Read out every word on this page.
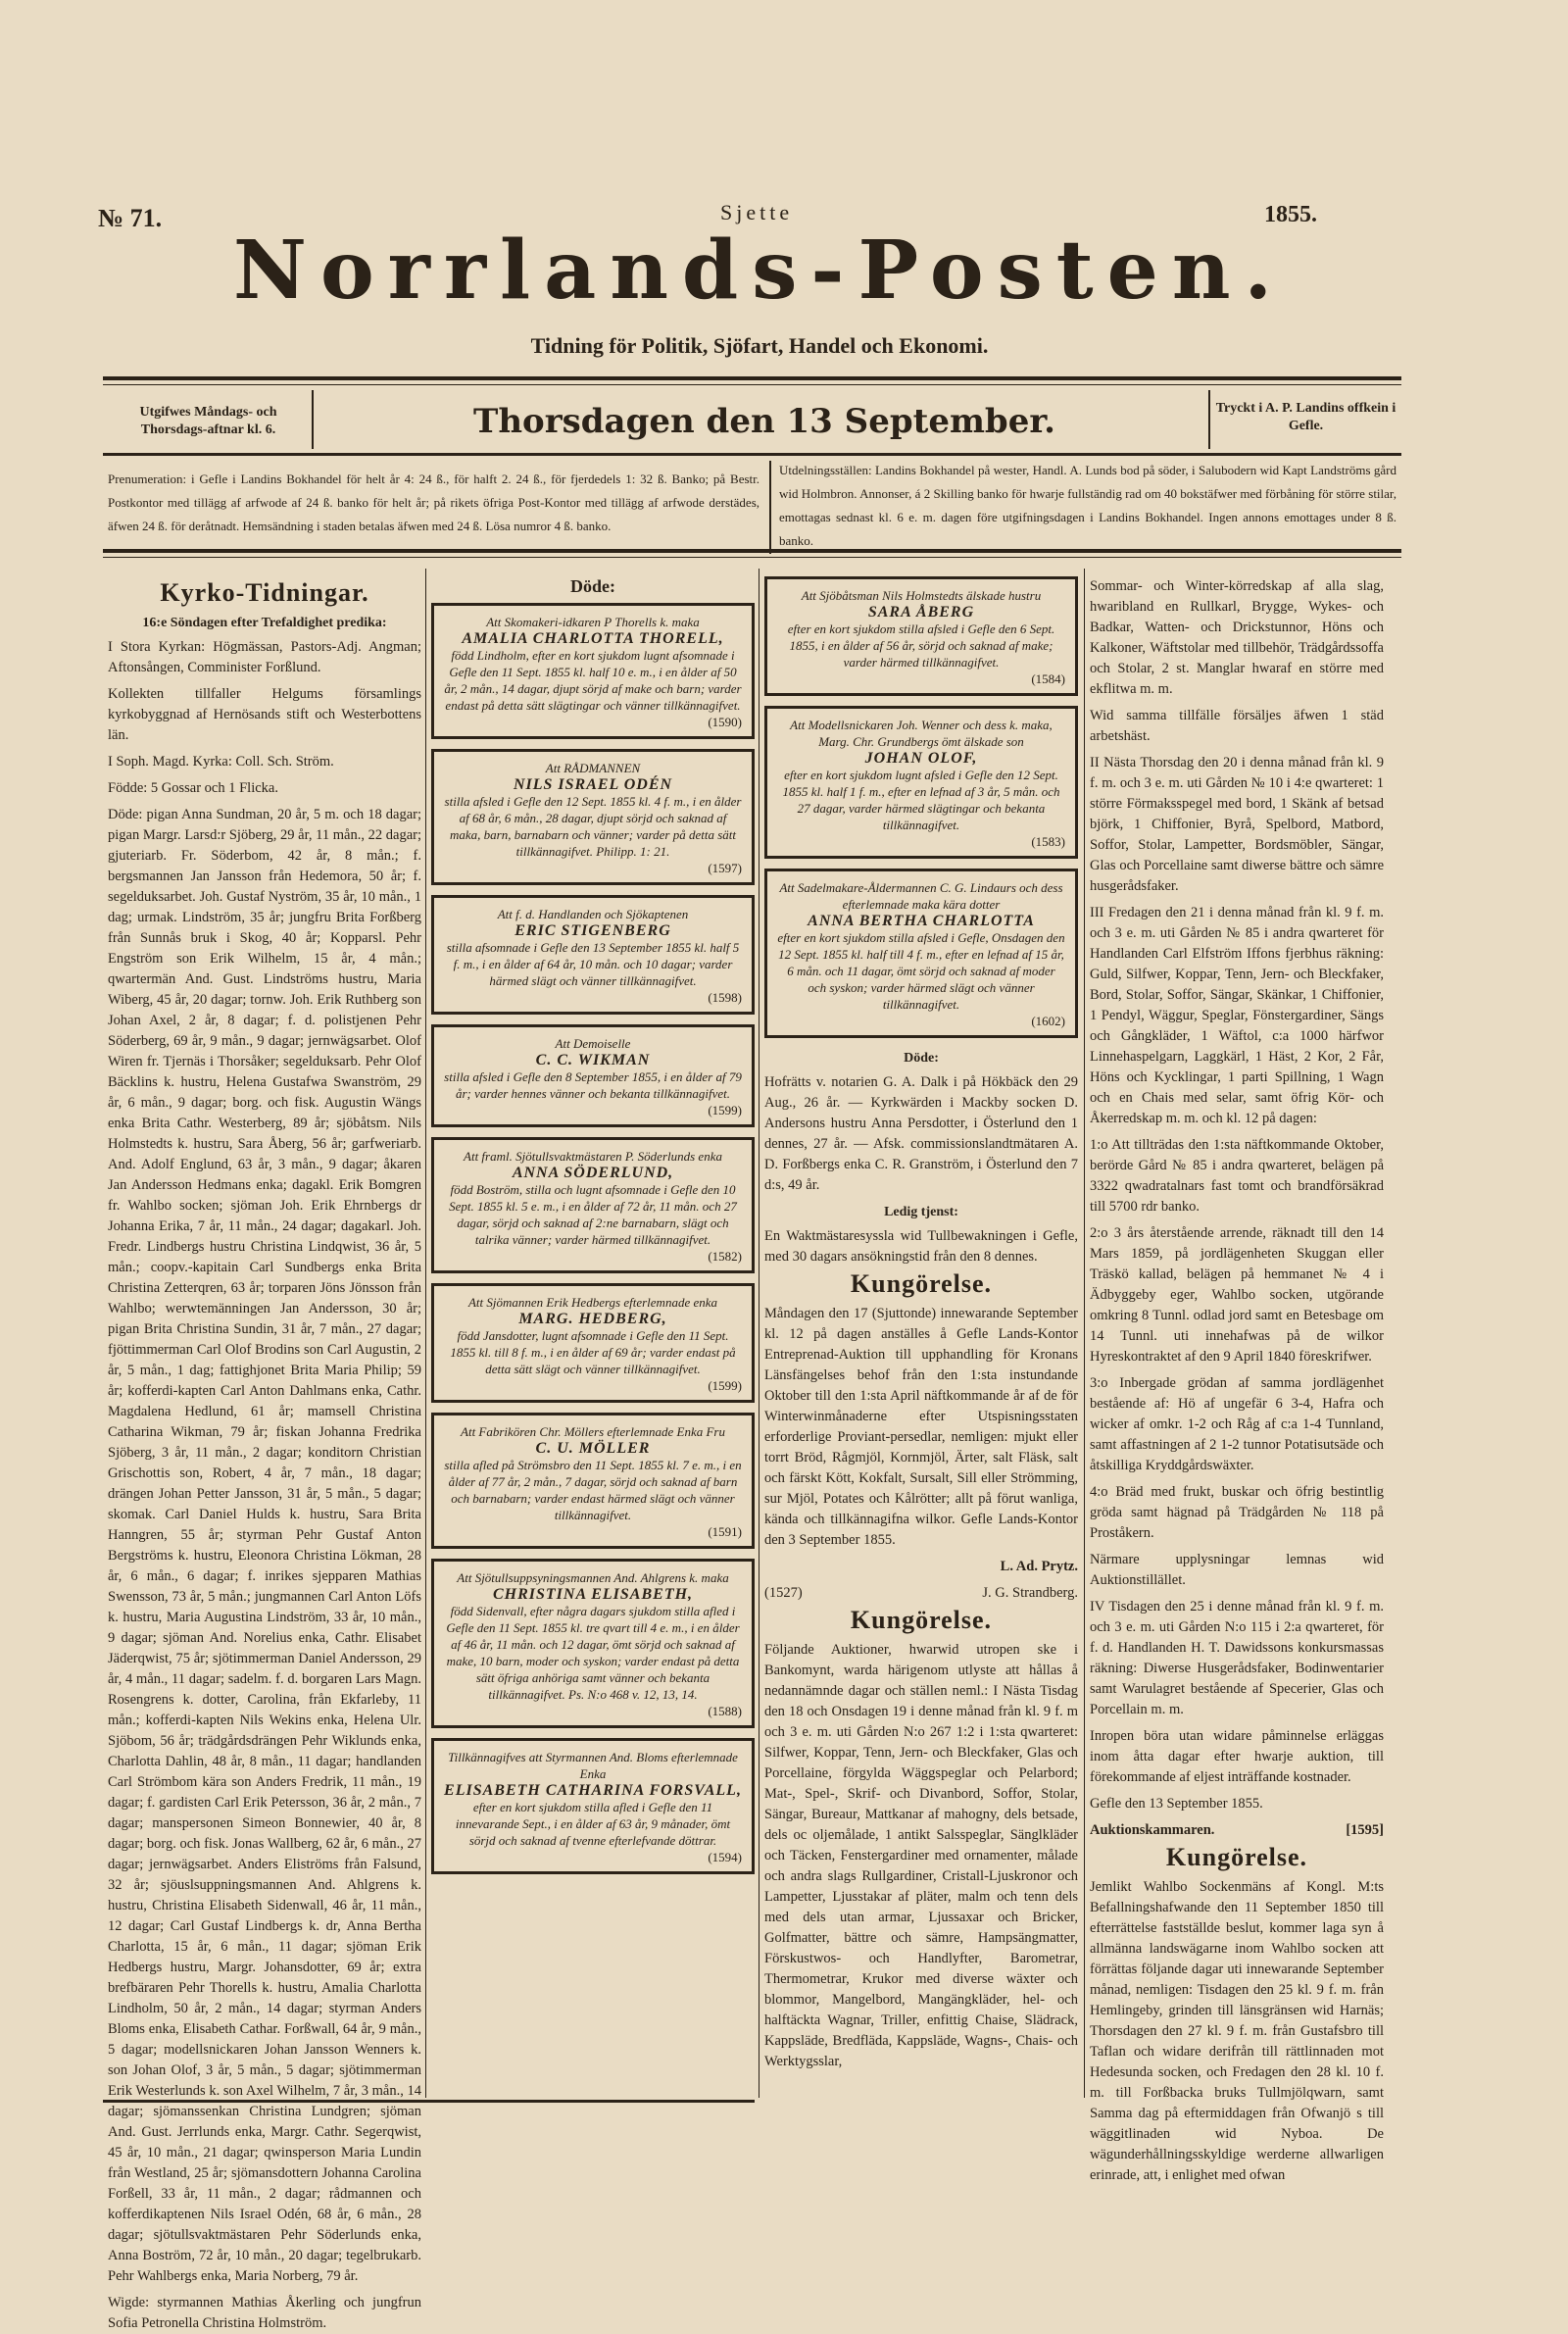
№ 71.	Sjette	1855.
Norrlands-Posten.
Tidning för Politik, Sjöfart, Handel och Ekonomi.
Utgifwes Måndags- och Thorsdags-aftnar kl. 6.	Thorsdagen den 13 September.	Tryckt i A. P. Landins offkein i Gefle.
Prenumeration: i Gefle i Landins Bokhandel för helt år 4: 24 ß., för halft 2. 24 ß., för fjerdedels 1: 32 ß. Banko; på Bestr. Postkontor med tillägg af arfwode af 24 ß. banko för helt år; på rikets öfriga Post-Kontor med tillägg af arfwode derstädes, äfwen 24 ß. för deråtnadt. Hemsändning i staden betalas äfwen med 24 ß. Lösa numror 4 ß. banko.
Utdelningsställen: Landins Bokhandel på wester, Handl. A. Lunds bod på söder, i Salubodern wid Kapt Landströms gård wid Holmbron. Annonser, á 2 Skilling banko för hwarje fullständig rad om 40 bokstäfwer med förbåning för större stilar, emottagas sednast kl. 6 e. m. dagen före utgifningsdagen i Landins Bokhandel. Ingen annons emottages under 8 ß. banko.
Kyrko-Tidningar.
16:e Söndagen efter Trefaldighet predika:

I Stora Kyrkan: Högmässan, Pastors-Adj. Angman; Aftonsången, Comminister Forßlund.

Kollekten tillfaller Helgums församlings kyrkobyggnad af Hernösands stift och Westerbottens län.

I Soph. Magd. Kyrka: Coll. Sch. Ström.

Födde: 5 Gossar och 1 Flicka.

Döde: pigan Anna Sundman, 20 år, 5 m. och 18 dagar; pigan Margr. Larsd:r Sjöberg, 29 år, 11 mån., 22 dagar; gjuteriarb. Fr. Söderbom, 42 år, 8 mån.; f. bergsmannen Jan Jansson från Hedemora, 50 år; f. segelduksarbet. Joh. Gustaf Nyström, 35 år, 10 mån., 1 dag; urmak. Lindström, 35 år; jungfru Brita Forßberg från Sunnås bruk i Skog, 40 år; Kopparsl. Pehr Engström son Erik Wilhelm, 15 år, 4 mån.; qwartermän And. Gust. Lindströms hustru, Maria Wiberg, 45 år, 20 dagar; tornw. Joh. Erik Ruthberg son Johan Axel, 2 år, 8 dagar; f. d. polistjenen Pehr Söderberg, 69 år, 9 mån., 9 dagar; jernwägsarbet. Olof Wiren fr. Tjernäs i Thorsåker; segelduksarb. Pehr Olof Bäcklins k. hustru, Helena Gustafwa Swanström, 29 år, 6 mån., 9 dagar; borg. och fisk. Augustin Wängs enka Brita Cathr. Westerberg, 89 år; sjöbåtsm. Nils Holmstedts k. hustru, Sara Åberg, 56 år; garfweriarb. And. Adolf Englund, 63 år, 3 mån., 9 dagar; åkaren Jan Andersson Hedmans enka; dagakl. Erik Bomgren fr. Wahlbo socken; sjöman Joh. Erik Ehrnbergs dr Johanna Erika, 7 år, 11 mån., 24 dagar; dagakarl. Joh. Fredr. Lindbergs hustru Christina Lindqwist, 36 år, 5 mån.; coopv.-kapitain Carl Sundbergs enka Brita Christina Zetterqren, 63 år; torparen Jöns Jönsson från Wahlbo; werwtemänningen Jan Andersson, 30 år; pigan Brita Christina Sundin, 31 år, 7 mån., 27 dagar; fjöttimmerman Carl Olof Brodins son Carl Augustin, 2 år, 5 mån., 1 dag; fattighjonet Brita Maria Philip; 59 år; kofferdi-kapten Carl Anton Dahlmans enka, Cathr. Magdalena Hedlund, 61 år; mamsell Christina Catharina Wikman, 79 år; fiskan Johanna Fredrika Sjöberg, 3 år, 11 mån., 2 dagar; konditorn Christian Grischottis son, Robert, 4 år, 7 mån., 18 dagar; drängen Johan Petter Jansson, 31 år, 5 mån., 5 dagar; skomak. Carl Daniel Hulds k. hustru, Sara Brita Hanngren, 55 år; styrman Pehr Gustaf Anton Bergströms k. hustru, Eleonora Christina Lökman, 28 år, 6 mån., 6 dagar; f. inrikes sjepparen Mathias Swensson, 73 år, 5 mån.; jungmannen Carl Anton Löfs k. hustru, Maria Augustina Lindström, 33 år, 10 mån., 9 dagar; sjöman And. Norelius enka, Cathr. Elisabet Jäderqwist, 75 år; sjötimmerman Daniel Andersson, 29 år, 4 mån., 11 dagar; sadelm. f. d. borgaren Lars Magn. Rosengrens k. dotter, Carolina, från Ekfarleby, 11 mån.; kofferdi-kapten Nils Wekins enka, Helena Ulr. Sjöbom, 56 år; trädgårdsdrängen Pehr Wiklunds enka, Charlotta Dahlin, 48 år, 8 mån., 11 dagar; handlanden Carl Strömbom kära son Anders Fredrik, 11 mån., 19 dagar; f. gardisten Carl Erik Petersson, 36 år, 2 mån., 7 dagar; manspersonen Simeon Bonnewier, 40 år, 8 dagar; borg. och fisk. Jonas Wallberg, 62 år, 6 mån., 27 dagar; jernwägsarbet. Anders Eliströms från Falsund, 32 år; sjöuslsuppningsmannen And. Ahlgrens k. hustru, Christina Elisabeth Sidenwall, 46 år, 11 mån., 12 dagar; Carl Gustaf Lindbergs k. dr, Anna Bertha Charlotta, 15 år, 6 mån., 11 dagar; sjöman Erik Hedbergs hustru, Margr. Johansdotter, 69 år; extra brefbäraren Pehr Thorells k. hustru, Amalia Charlotta Lindholm, 50 år, 2 mån., 14 dagar; styrman Anders Bloms enka, Elisabeth Cathar. Forßwall, 64 år, 9 mån., 5 dagar; modellsnickaren Johan Jansson Wenners k. son Johan Olof, 3 år, 5 mån., 5 dagar; sjötimmerman Erik Westerlunds k. son Axel Wilhelm, 7 år, 3 mån., 14 dagar; sjömanssenkan Christina Lundgren; sjöman And. Gust. Jerrlunds enka, Margr. Cathr. Segerqwist, 45 år, 10 mån., 21 dagar; qwinsperson Maria Lundin från Westland, 25 år; sjömansdottern Johanna Carolina Forßell, 33 år, 11 mån., 2 dagar; rådmannen och kofferdikaptenen Nils Israel Odén, 68 år, 6 mån., 28 dagar; sjötullsvaktmästaren Pehr Söderlunds enka, Anna Boström, 72 år, 10 mån., 20 dagar; tegelbrukarb. Pehr Wahlbergs enka, Maria Norberg, 79 år.

Wigde: styrmannen Mathias Åkerling och jungfrun Sofia Petronella Christina Holmström.

Döde:
Att Skomakeri-idkaren P Thorells k. maka
AMALIA CHARLOTTA THORELL,
född Lindholm, efter en kort sjukdom lugnt afsomnade i Gefle den 11 Sept. 1855 kl. half 10 e. m., i en ålder af 50 år, 2 mån., 14 dagar, djupt sörjd af make och barn; varder endast på detta sätt slägtingar och vänner tillkännagifvet.
(1590)
Att RÅDMANNEN
NILS ISRAEL ODÉN
stilla afsled i Gefle den 12 Sept. 1855 kl. 4 f. m., i en ålder af 68 år, 6 mån., 28 dagar, djupt sörjd och saknad af maka, barn, barnabarn och vänner; varder på detta sätt tillkännagifvet. Philipp. 1: 21.
(1597)
Att f. d. Handlanden och Sjökaptenen
ERIC STIGENBERG
stilla afsomnade i Gefle den 13 September 1855 kl. half 5 f. m., i en ålder af 64 år, 10 mån. och 10 dagar; varder härmed slägt och vänner tillkännagifvet.
(1598)
Att Demoiselle
C. C. WIKMAN
stilla afsled i Gefle den 8 September 1855, i en ålder af 79 år; varder hennes vänner och bekanta tillkännagifvet.
(1599)
Att framl. Sjötullsvaktmästaren P. Söderlunds enka
ANNA SÖDERLUND,
född Boström, stilla och lugnt afsomnade i Gefle den 10 Sept. 1855 kl. 5 e. m., i en ålder af 72 år, 11 mån. och 27 dagar, sörjd och saknad af 2:ne barnabarn, slägt och talrika vänner; varder härmed tillkännagifvet.
(1582)
Att Sjömannen Erik Hedbergs efterlemnade enka
MARG. HEDBERG,
född Jansdotter, lugnt afsomnade i Gefle den 11 Sept. 1855 kl. till 8 f. m., i en ålder af 69 år; varder endast på detta sätt slägt och vänner tillkännagifvet.
(1599)
Att Fabrikören Chr. Möllers efterlemnade Enka Fru
C. U. MÖLLER
stilla afled på Strömsbro den 11 Sept. 1855 kl. 7 e. m., i en ålder af 77 år, 2 mån., 7 dagar, sörjd och saknad af barn och barnabarn; varder endast härmed slägt och vänner tillkännagifvet.
(1591)
Att Sjötullsuppsyningsmannen And. Ahlgrens k. maka
CHRISTINA ELISABETH,
född Sidenvall, efter några dagars sjukdom stilla afled i Gefle den 11 Sept. 1855 kl. tre qvart till 4 e. m., i en ålder af 46 år, 11 mån. och 12 dagar, ömt sörjd och saknad af make, 10 barn, moder och syskon; varder endast på detta sätt öfriga anhöriga samt vänner och bekanta tillkännagifvet. Ps. N:o 468 v. 12, 13, 14.
(1588)
Tillkännagifves att Styrmannen And. Bloms efterlemnade Enka
ELISABETH CATHARINA FORSVALL,
efter en kort sjukdom stilla afled i Gefle den 11 innevarande Sept., i en ålder af 63 år, 9 månader, ömt sörjd och saknad af tvenne efterlefvande döttrar.
(1594)
Att Sjöbåtsman Nils Holmstedts älskade hustru
SARA ÅBERG
efter en kort sjukdom stilla afsled i Gefle den 6 Sept. 1855, i en ålder af 56 år, sörjd och saknad af make; varder härmed tillkännagifvet.
(1584)
Att Modellsnickaren Joh. Wenner och dess k. maka, Marg. Chr. Grundbergs ömt älskade son
JOHAN OLOF,
efter en kort sjukdom lugnt afsled i Gefle den 12 Sept. 1855 kl. half 1 f. m., efter en lefnad af 3 år, 5 mån. och 27 dagar, varder härmed slägtingar och bekanta tillkännagifvet.
(1583)
Att Sadelmakare-Åldermannen C. G. Lindaurs och dess efterlemnade maka kära dotter
ANNA BERTHA CHARLOTTA
efter en kort sjukdom stilla afsled i Gefle, Onsdagen den 12 Sept. 1855 kl. half till 4 f. m., efter en lefnad af 15 år, 6 mån. och 11 dagar, ömt sörjd och saknad af moder och syskon; varder härmed slägt och vänner tillkännagifvet.
(1602)
Döde:

Hofrätts v. notarien G. A. Dalk i på Hökbäck den 29 Aug., 26 år. — Kyrkwärden i Mackby socken D. Andersons hustru Anna Persdotter, i Österlund den 1 dennes, 27 år. — Afsk. commissionslandtmätaren A. D. Forßbergs enka C. R. Granström, i Österlund den 7 d:s, 49 år.

Ledig tjenst:

En Waktmästaresyssla wid Tullbewakningen i Gefle, med 30 dagars ansökningstid från den 8 dennes.

Kungörelse.

Måndagen den 17 (Sjuttonde) innewarande September kl. 12 på dagen anställes å Gefle Lands-Kontor Entreprenad-Auktion till upphandling för Kronans Länsfängelses behof från den 1:sta instundande Oktober till den 1:sta April näftkommande år af de för Winterwinmånaderne efter Utspisningsstaten erforderlige Proviant-persedlar, nemligen: mjukt eller torrt Bröd, Rågmjöl, Kornmjöl, Ärter, salt Fläsk, salt och färskt Kött, Kokfalt, Sursalt, Sill eller Strömming, sur Mjöl, Potates och Kålrötter; allt på förut wanliga, kända och tillkännagifna wilkor. Gefle Lands-Kontor den 3 September 1855.

L. Ad. Prytz.

(1527)	J. G. Strandberg.

Kungörelse.

Följande Auktioner, hwarwid utropen ske i Bankomynt, warda härigenom utlyste att hållas å nedannämnde dagar och ställen neml.: I Nästa Tisdag den 18 och Onsdagen 19 i denne månad från kl. 9 f. m och 3 e. m. uti Gården N:o 267 1:2 i 1:sta qwarteret: Silfwer, Koppar, Tenn, Jern- och Bleckfaker, Glas och Porcellaine, förgylda Wäggspeglar och Pelarbord; Mat-, Spel-, Skrif- och Divanbord, Soffor, Stolar, Sängar, Bureaur, Mattkanar af mahogny, dels betsade, dels oc oljemålade, 1 antikt Salsspeglar, Sänglkläder och Täcken, Fenstergardiner med ornamenter, målade och andra slags Rullgardiner, Cristall-Ljuskronor och Lampetter, Ljusstakar af pläter, malm och tenn dels med dels utan armar, Ljussaxar och Bricker, Golfmatter, bättre och sämre, Hampsängmatter, Förskustwos- och Handlyfter, Barometrar, Thermometrar, Krukor med diverse wäxter och blommor, Mangelbord, Mangängkläder, hel- och halftäckta Wagnar, Triller, enfittig Chaise, Slädrack, Kappsläde, Bredfläda, Kappsläde, Wagns-, Chais- och Werktygsslar,

Sommar- och Winter-körredskap af alla slag, hwaribland en Rullkarl, Brygge, Wykes- och Badkar, Watten- och Drickstunnor, Höns och Kalkoner, Wäftstolar med tillbehör, Trädgårdssoffa och Stolar, 2 st. Manglar hwaraf en större med ekflitwa m. m.

Wid samma tillfälle försäljes äfwen 1 städ arbetshäst.

II Nästa Thorsdag den 20 i denna månad från kl. 9 f. m. och 3 e. m. uti Gården № 10 i 4:e qwarteret: 1 större Förmaksspegel med bord, 1 Skänk af betsad björk, 1 Chiffonier, Byrå, Spelbord, Matbord, Soffor, Stolar, Lampetter, Bordsmöbler, Sängar, Glas och Porcellaine samt diwerse bättre och sämre husgerådsfaker.

III Fredagen den 21 i denna månad från kl. 9 f. m. och 3 e. m. uti Gården № 85 i andra qwarteret för Handlanden Carl Elfström Iffons fjerbhus räkning: Guld, Silfwer, Koppar, Tenn, Jern- och Bleckfaker, Bord, Stolar, Soffor, Sängar, Skänkar, 1 Chiffonier, 1 Pendyl, Wäggur, Speglar, Fönstergardiner, Sängs och Gångkläder, 1 Wäftol, c:a 1000 härfwor Linnehaspelgarn, Laggkärl, 1 Häst, 2 Kor, 2 Får, Höns och Kycklingar, 1 parti Spillning, 1 Wagn och en Chais med selar, samt öfrig Kör- och Åkerredskap m. m. och kl. 12 på dagen:

1:o Att tillträdas den 1:sta näftkommande Oktober, berörde Gård № 85 i andra qwarteret, belägen på 3322 qwadratalnars fast tomt och brandförsäkrad till 5700 rdr banko.

2:o 3 års återstående arrende, räknadt till den 14 Mars 1859, på jordlägenheten Skuggan eller Träskö kallad, belägen på hemmanet № 4 i Ädbyggeby eger, Wahlbo socken, utgörande omkring 8 Tunnl. odlad jord samt en Betesbage om 14 Tunnl. uti innehafwas på de wilkor Hyreskontraktet af den 9 April 1840 föreskrifwer.

3:o Inbergade grödan af samma jordlägenhet bestående af: Hö af ungefär 6 3-4, Hafra och wicker af omkr. 1-2 och Råg af c:a 1-4 Tunnland, samt affastningen af 2 1-2 tunnor Potatisutsäde och åtskilliga Kryddgårdswäxter.

4:o Bräd med frukt, buskar och öfrig bestintlig gröda samt hägnad på Trädgården № 118 på Proståkern.

Närmare upplysningar lemnas wid Auktionstillället.

IV Tisdagen den 25 i denne månad från kl. 9 f. m. och 3 e. m. uti Gården N:o 115 i 2:a qwarteret, för f. d. Handlanden H. T. Dawidssons konkursmassas räkning: Diwerse Husgerådsfaker, Bodinwentarier samt Warulagret bestående af Specerier, Glas och Porcellain m. m.

Inropen böra utan widare påminnelse erläggas inom åtta dagar efter hwarje auktion, till förekommande af eljest inträffande kostnader.

Gefle den 13 September 1855.

Auktionskammaren.	[1595]

Kungörelse.

Jemlikt Wahlbo Sockenmäns af Kongl. M:ts Befallningshafwande den 11 September 1850 till efterrättelse fastställde beslut, kommer laga syn å allmänna landswägarne inom Wahlbo socken att förrättas följande dagar uti innewarande September månad, nemligen: Tisdagen den 25 kl. 9 f. m. från Hemlingeby, grinden till länsgränsen wid Harnäs; Thorsdagen den 27 kl. 9 f. m. från Gustafsbro till Taflan och widare derifrån till rättlinnaden mot Hedesunda socken, och Fredagen den 28 kl. 10 f. m. till Forßbacka bruks Tullmjölqwarn, samt Samma dag på eftermiddagen från Ofwanjö s till wäggitlinaden wid Nyboa. De wägunderhållningsskyldige werderne allwarligen erinrade, att, i enlighet med ofwan
